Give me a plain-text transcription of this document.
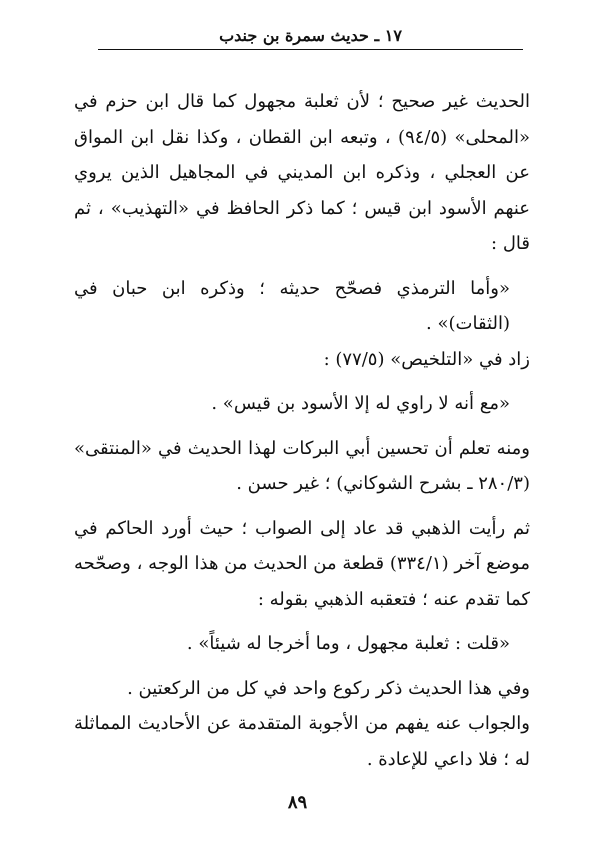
١٧ ـ حديث سمرة بن جندب

الحديث غير صحيح ؛ لأن ثعلبة مجهول كما قال ابن حزم في «المحلى» (٩٤/٥) ، وتبعه ابن القطان ، وكذا نقل ابن المواق عن العجلي ، وذكره ابن المديني في المجاهيل الذين يروي عنهم الأسود ابن قيس ؛ كما ذكر الحافظ في «التهذيب» ، ثم قال :

«وأما الترمذي فصحّح حديثه ؛ وذكره ابن حبان في (الثقات)» .

زاد في «التلخيص» (٧٧/٥) :

«مع أنه لا راوي له إلا الأسود بن قيس» .

ومنه تعلم أن تحسين أبي البركات لهذا الحديث في «المنتقى» (٢٨٠/٣ ـ بشرح الشوكاني) ؛ غير حسن .

ثم رأيت الذهبي قد عاد إلى الصواب ؛ حيث أورد الحاكم في موضع آخر (٣٣٤/١) قطعة من الحديث من هذا الوجه ، وصحّحه كما تقدم عنه ؛ فتعقبه الذهبي بقوله :

«قلت : ثعلبة مجهول ، وما أخرجا له شيئاً» .

وفي هذا الحديث ذكر ركوع واحد في كل من الركعتين .

والجواب عنه يفهم من الأجوبة المتقدمة عن الأحاديث المماثلة له ؛ فلا داعي للإعادة .

٨٩
